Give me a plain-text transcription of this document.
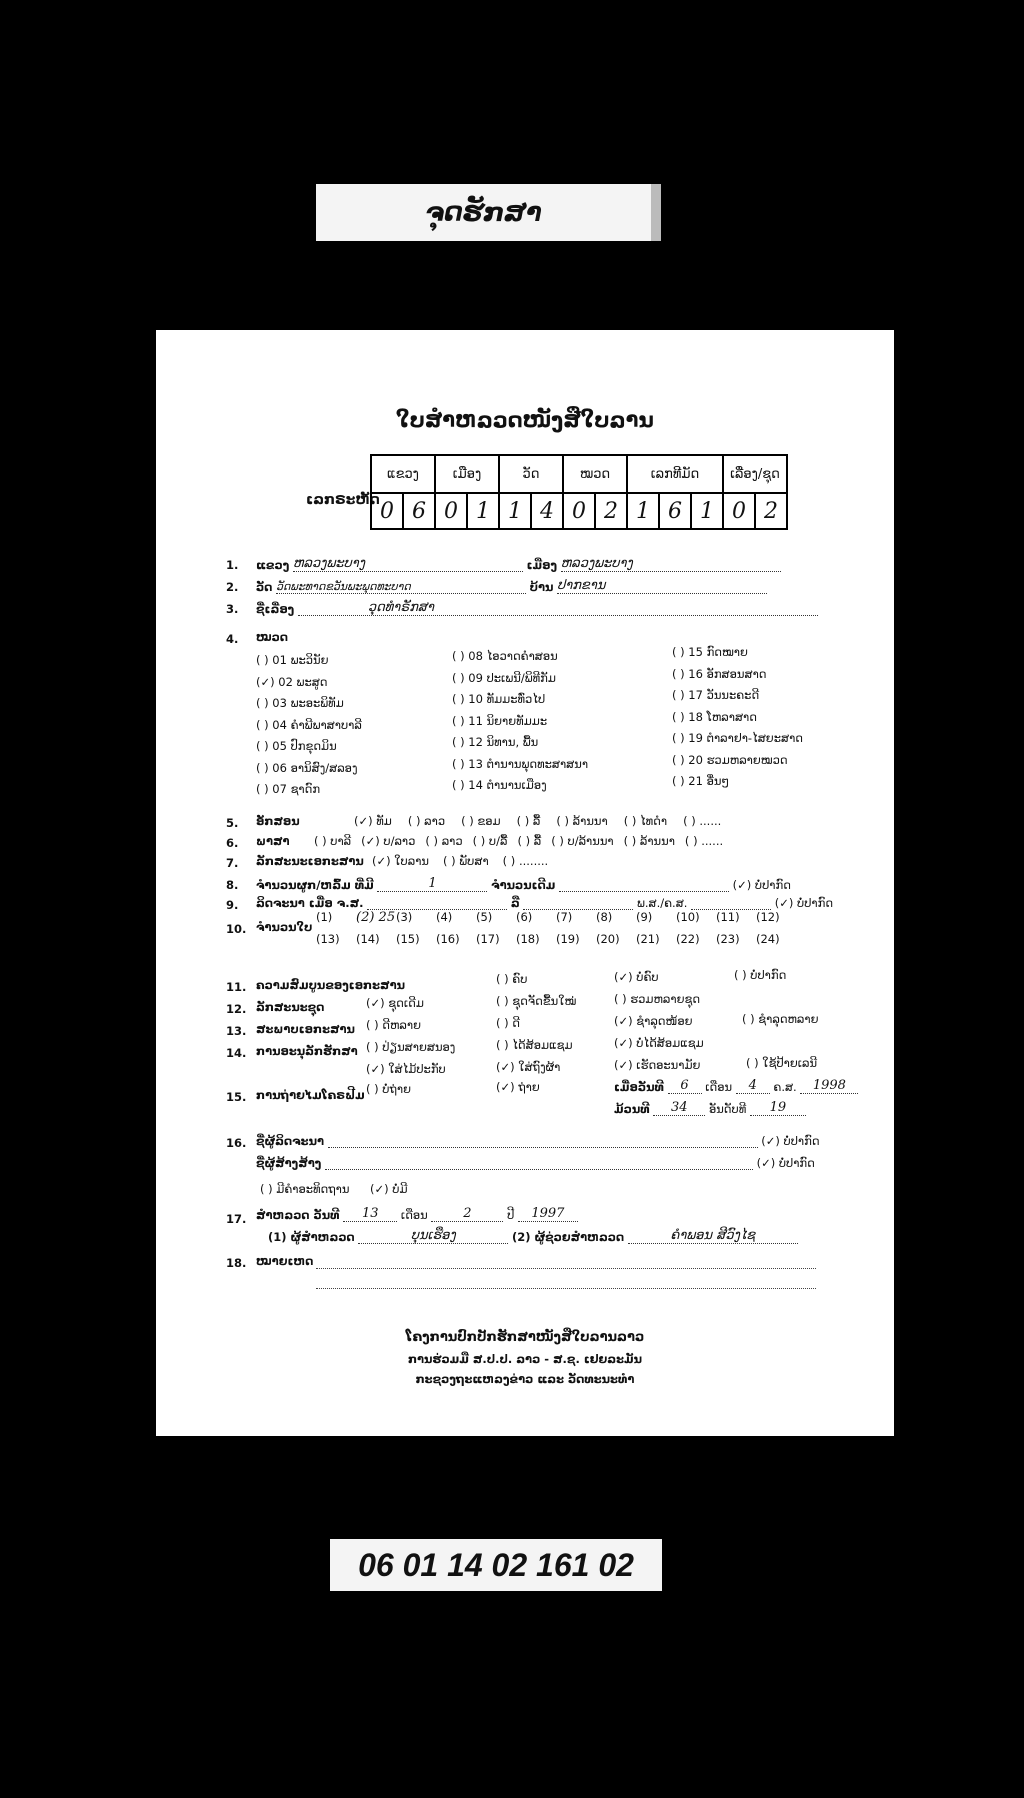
ຈຸດຮັກສາ
ໃບສຳຫລວດໜັງສືໃບລານ
ເລກຣະຫັດ
ແຂວງ		ເມືອງ		ວັດ		ໝວດ		ເລກທີມັດ			ເລື່ອງ/ຊຸດ	
0	6	0	1	1	4	0	2	1	6	1	0	2
1. ແຂວງ ຫລວງພະບາງ	ເມືອງ ຫລວງພະບາງ
2. ວັດ ວັດພະທາດຂວັນພະພຸດທະບາດ	ບ້ານ ປາກຂານ
3. ຊື່ເລື່ອງ	ວຸດທຳຣັກສາ
4. ໝວດ
( ) 01 ພະວິນັຍ
(✓) 02 ພະສູດ
( ) 03 ພະອະພິທັມ
( ) 04 ຄຳພີພາສາບາລີ
( ) 05 ປົກຂຸດມິນ
( ) 06 ອານິສົງ/ສລອງ
( ) 07 ຊາດົກ
( ) 08 ໄອວາດຄຳສອນ
( ) 09 ປະເພນີ/ພິທີກັມ
( ) 10 ທັມມະທົ່ວໄປ
( ) 11 ນິຍາຍທັມມະ
( ) 12 ນິທານ, ພື້ນ
( ) 13 ຕຳນານພຸດທະສາສນາ
( ) 14 ຕຳນານເມືອງ
( ) 15 ກົດໝາຍ
( ) 16 ອັກສອນສາດ
( ) 17 ວັນນະຄະດີ
( ) 18 ໂຫລາສາດ
( ) 19 ຕຳລາຢາ-ໄສຍະສາດ
( ) 20 ຮວມຫລາຍໝວດ
( ) 21 ອື່ນໆ
5. ອັກສອນ	(✓) ທັມ ( ) ລາວ ( ) ຂອມ ( ) ລື້ ( ) ລ້ານນາ ( ) ໄທດຳ ( ) ......
6. ພາສາ	( ) ບາລີ (✓) ບ/ລາວ ( ) ລາວ ( ) ບ/ລື້ ( ) ລື້ ( ) ບ/ລ້ານນາ ( ) ລ້ານນາ ( ) ......
7. ລັກສະນະເອກະສານ (✓) ໃບລານ ( ) ພັບສາ ( ) ........
8. ຈຳນວນຜູກ/ຫລົ້ມ ທີ່ມີ	1	ຈຳນວນເດີມ	(✓) ບໍ່ປາກົດ
9. ລິດຈະນາ ເມື່ອ ຈ.ສ.	ລື	ພ.ສ./ຄ.ສ.	(✓) ບໍ່ປາກົດ
10. ຈຳນວນໃບ
(1)	(2) 25 (3)	(4)	(5)	(6)	(7)	(8)	(9)	(10)	(11)	(12)
(13)	(14)	(15)	(16)	(17)	(18)	(19)	(20)	(21)	(22)	(23)	(24)
11. ຄວາມສົມບູນຂອງເອກະສານ	( ) ຄົບ	(✓) ບໍ່ຄົບ	( ) ບໍ່ປາກົດ
12. ລັກສະນະຊຸດ	(✓) ຊຸດເດີມ	( ) ຊຸດຈັດຂື້ນໃໝ່	( ) ຮວມຫລາຍຊຸດ
13. ສະພາບເອກະສານ ( ) ດີຫລາຍ	( ) ດີ	(✓) ຊຳລຸດໜ້ອຍ	( ) ຊຳລຸດຫລາຍ
14. ການອະນຸລັກຮັກສາ ( ) ປ່ຽນສາຍສນອງ	( ) ໄດ້ສ້ອມແຊມ	(✓) ບໍ່ໄດ້ສ້ອມແຊມ
(✓) ໃສ່ໄມ້ປະກັບ	(✓) ໃສ່ຖົງຜ້າ	(✓) ເຮັດອະນາມັຍ	( ) ໃຊ້ປ້າຍເລນີ
15. ການຖ່າຍໄມໂຄຣຟີມ ( ) ບໍ່ຖ່າຍ	(✓) ຖ່າຍ	ເມື່ອວັນທີ 6 ເດືອນ 4 ຄ.ສ. 1998
ມ້ວນທີ 34 ອັນດັບທີ 19
16. ຊື່ຜູ້ລິດຈະນາ	(✓) ບໍ່ປາກົດ
ຊື່ຜູ້ສ້າງສ້າງ	(✓) ບໍ່ປາກົດ
( ) ມີຄຳອະທິດຖານ (✓) ບໍ່ມີ
17. ສຳຫລວດ ວັນທີ 13 ເດືອນ	2	ປີ 1997
(1) ຜູ້ສຳຫລວດ	ບຸນເຮືອງ	(2) ຜູ້ຊ່ວຍສຳຫລວດ	ຄຳພອນ ສີວົງໄຊ
18. ໝາຍເຫດ
ໂຄງການປົກປັກຮັກສາໜັງສືໃບລານລາວ
ການຮ່ວມມື ສ.ປ.ປ. ລາວ - ສ.ຊ. ເຢຍລະມັນ
ກະຊວງຖະແຫລງຂ່າວ ແລະ ວັດທະນະທຳ
06 01 14 02 161 02
